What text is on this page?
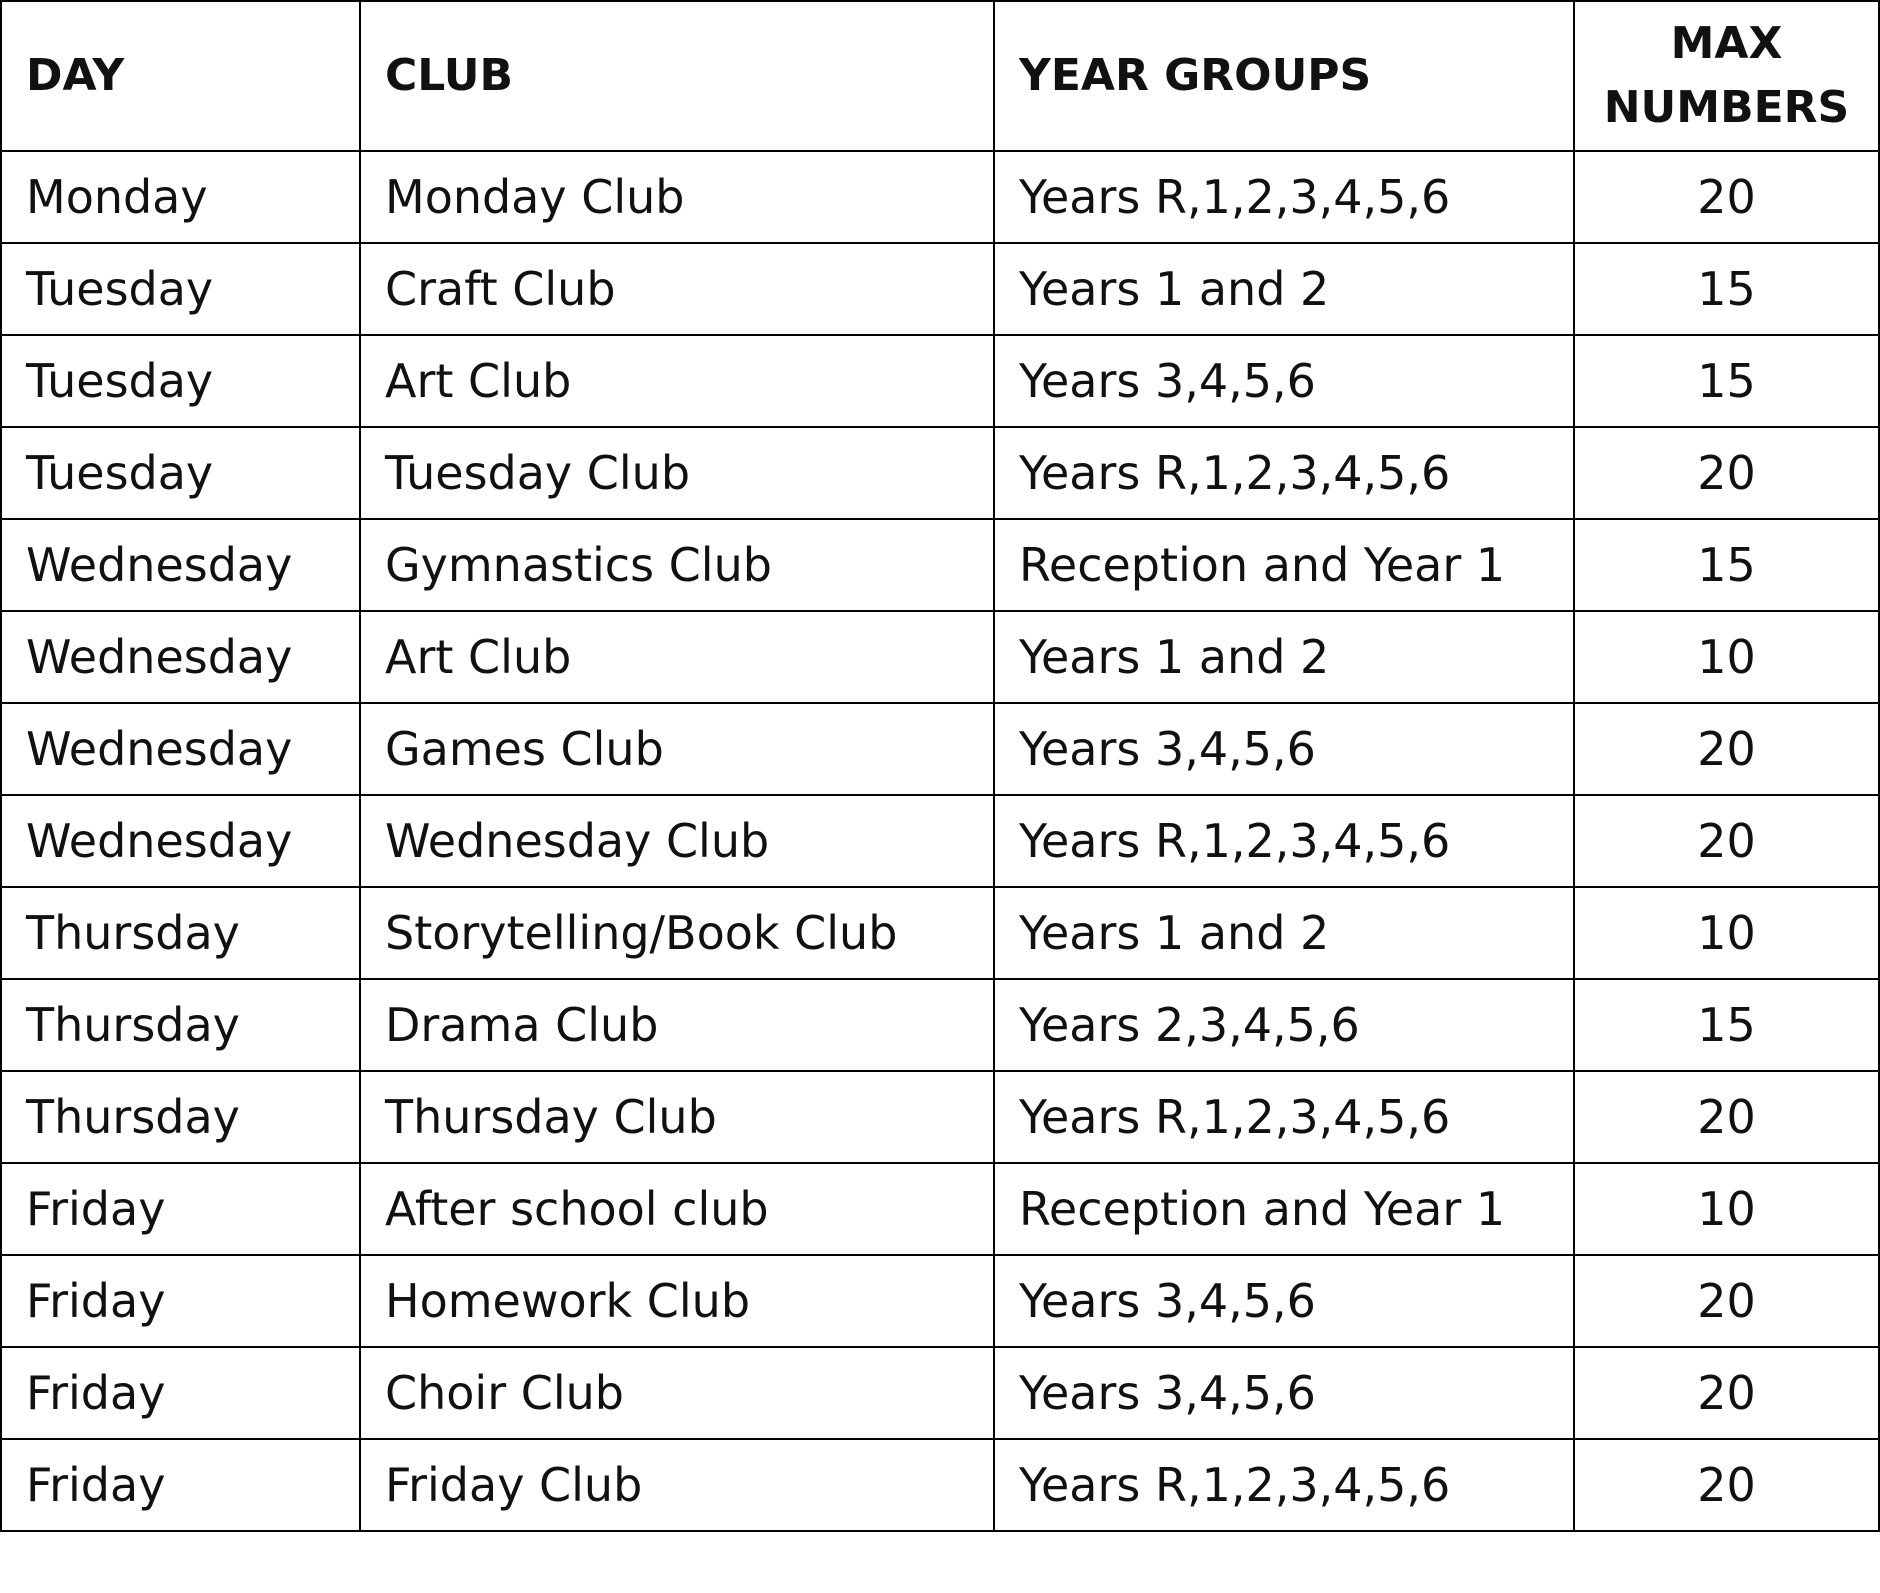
DAY	CLUB	YEAR GROUPS	MAX
NUMBERS
Monday	Monday Club	Years R,1,2,3,4,5,6	20
Tuesday	Craft Club	Years 1 and 2	15
Tuesday	Art Club	Years 3,4,5,6	15
Tuesday	Tuesday Club	Years R,1,2,3,4,5,6	20
Wednesday	Gymnastics Club	Reception and Year 1	15
Wednesday	Art Club	Years 1 and 2	10
Wednesday	Games Club	Years 3,4,5,6	20
Wednesday	Wednesday Club	Years R,1,2,3,4,5,6	20
Thursday	Storytelling/Book Club	Years 1 and 2	10
Thursday	Drama Club	Years 2,3,4,5,6	15
Thursday	Thursday Club	Years R,1,2,3,4,5,6	20
Friday	After school club	Reception and Year 1	10
Friday	Homework Club	Years 3,4,5,6	20
Friday	Choir Club	Years 3,4,5,6	20
Friday	Friday Club	Years R,1,2,3,4,5,6	20
